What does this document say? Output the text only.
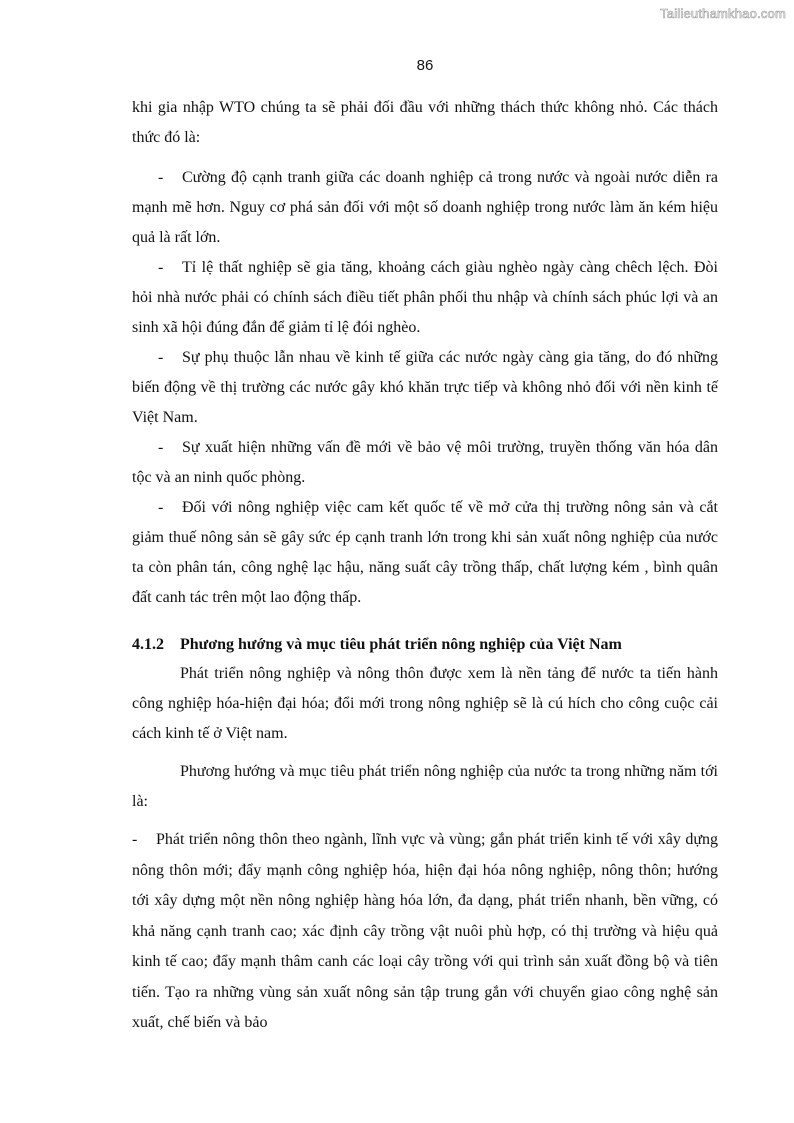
Tailieuthamkhao.com
86

khi gia nhập WTO chúng ta sẽ phải đối đầu với những thách thức không nhỏ. Các thách thức đó là:

- Cường độ cạnh tranh giữa các doanh nghiệp cả trong nước và ngoài nước diễn ra mạnh mẽ hơn. Nguy cơ phá sản đối với một số doanh nghiệp trong nước làm ăn kém hiệu quả là rất lớn.

- Tỉ lệ thất nghiệp sẽ gia tăng, khoảng cách giàu nghèo ngày càng chêch lệch. Đòi hỏi nhà nước phải có chính sách điều tiết phân phối thu nhập và chính sách phúc lợi và an sinh xã hội đúng đắn để giảm tỉ lệ đói nghèo.

- Sự phụ thuộc lẫn nhau về kinh tế giữa các nước ngày càng gia tăng, do đó những biến động về thị trường các nước gây khó khăn trực tiếp và không nhỏ đối với nền kinh tế Việt Nam.

- Sự xuất hiện những vấn đề mới về bảo vệ môi trường, truyền thống văn hóa dân tộc và an ninh quốc phòng.

- Đối với nông nghiệp việc cam kết quốc tế về mở cửa thị trường nông sản và cắt giảm thuế nông sản sẽ gây sức ép cạnh tranh lớn trong khi sản xuất nông nghiệp của nước ta còn phân tán, công nghệ lạc hậu, năng suất cây trồng thấp, chất lượng kém , bình quân đất canh tác trên một lao động thấp.

4.1.2 Phương hướng và mục tiêu phát triển nông nghiệp của Việt Nam

Phát triển nông nghiệp và nông thôn được xem là nền tảng để nước ta tiến hành công nghiệp hóa-hiện đại hóa; đổi mới trong nông nghiệp sẽ là cú hích cho công cuộc cải cách kinh tế ở Việt nam.

Phương hướng và mục tiêu phát triển nông nghiệp của nước ta trong những năm tới là:

- Phát triển nông thôn theo ngành, lĩnh vực và vùng; gắn phát triển kinh tế với xây dựng nông thôn mới; đẩy mạnh công nghiệp hóa, hiện đại hóa nông nghiệp, nông thôn; hướng tới xây dựng một nền nông nghiệp hàng hóa lớn, đa dạng, phát triển nhanh, bền vững, có khả năng cạnh tranh cao; xác định cây trồng vật nuôi phù hợp, có thị trường và hiệu quả kinh tế cao; đẩy mạnh thâm canh các loại cây trồng với qui trình sản xuất đồng bộ và tiên tiến. Tạo ra những vùng sản xuất nông sản tập trung gắn với chuyển giao công nghệ sản xuất, chế biến và bảo
